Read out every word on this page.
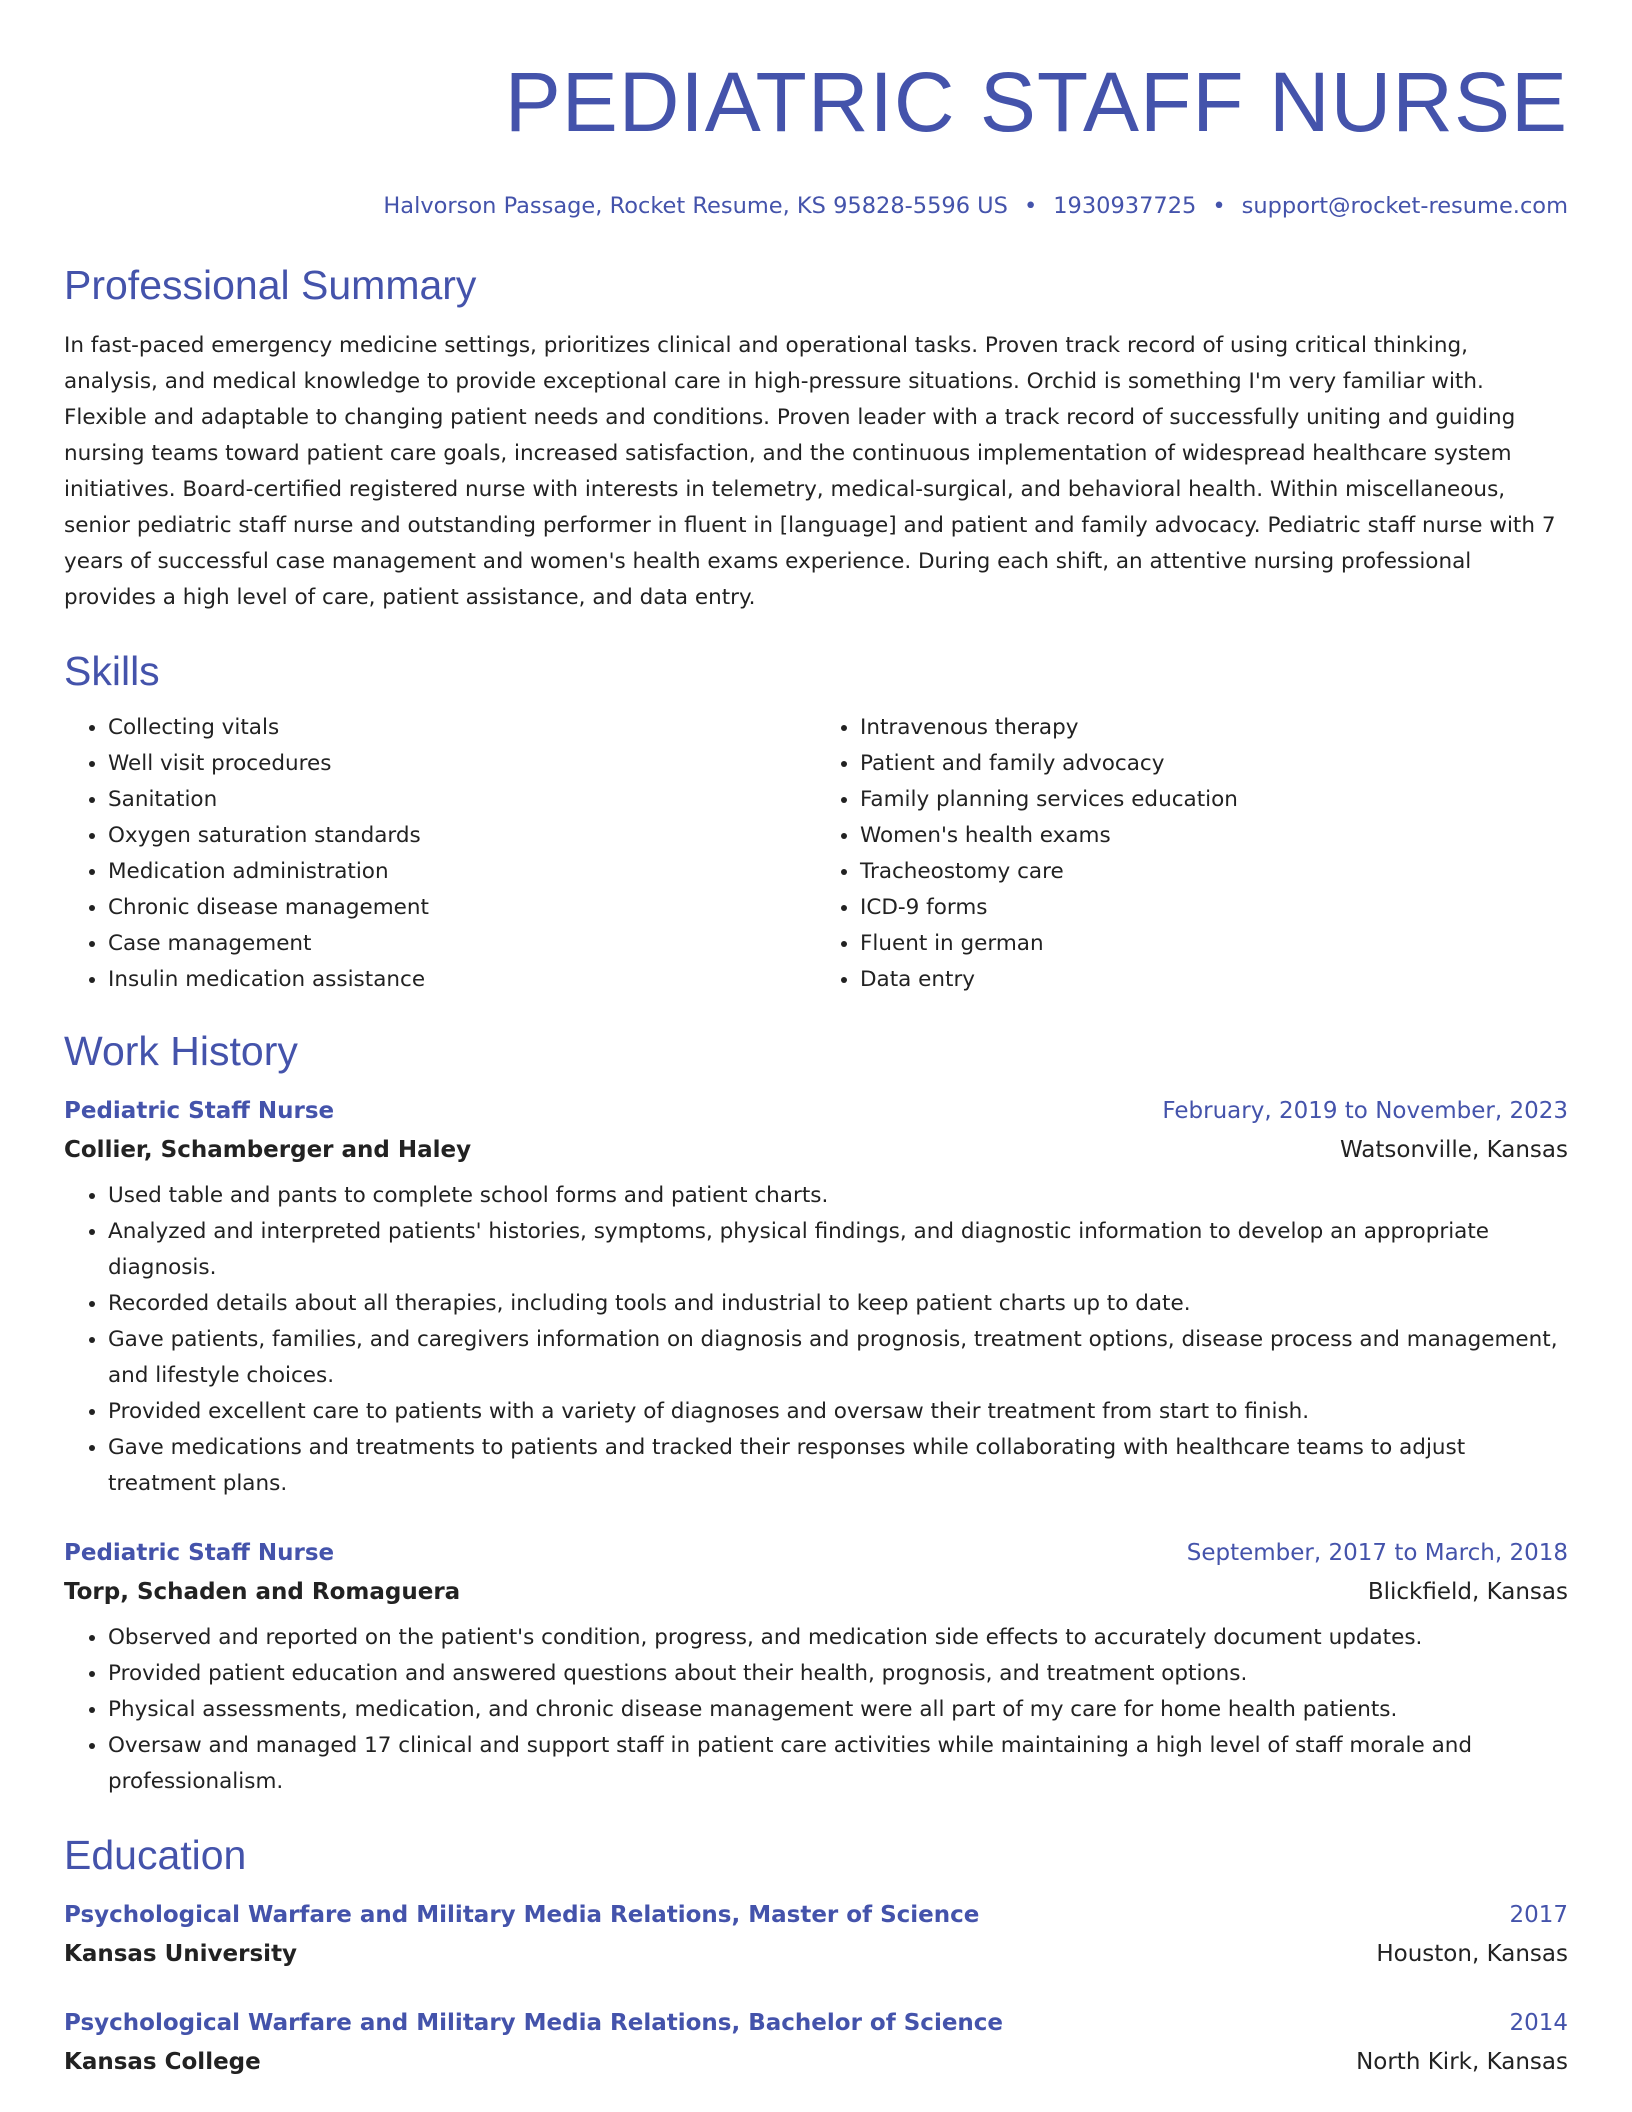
PEDIATRIC STAFF NURSE
Halvorson Passage, Rocket Resume, KS 95828-5596 US • 1930937725 • support@rocket-resume.com
Professional Summary

In fast-paced emergency medicine settings, prioritizes clinical and operational tasks. Proven track record of using critical thinking, analysis, and medical knowledge to provide exceptional care in high-pressure situations. Orchid is something I'm very familiar with. Flexible and adaptable to changing patient needs and conditions. Proven leader with a track record of successfully uniting and guiding nursing teams toward patient care goals, increased satisfaction, and the continuous implementation of widespread healthcare system initiatives. Board-certified registered nurse with interests in telemetry, medical-surgical, and behavioral health. Within miscellaneous, senior pediatric staff nurse and outstanding performer in fluent in [language] and patient and family advocacy. Pediatric staff nurse with 7 years of successful case management and women's health exams experience. During each shift, an attentive nursing professional provides a high level of care, patient assistance, and data entry.

Skills
• Collecting vitals
• Well visit procedures
• Sanitation
• Oxygen saturation standards
• Medication administration
• Chronic disease management
• Case management
• Insulin medication assistance
• Intravenous therapy
• Patient and family advocacy
• Family planning services education
• Women's health exams
• Tracheostomy care
• ICD-9 forms
• Fluent in german
• Data entry
Work History
Pediatric Staff Nurse	February, 2019 to November, 2023
Collier, Schamberger and Haley	Watsonville, Kansas
• Used table and pants to complete school forms and patient charts.
• Analyzed and interpreted patients' histories, symptoms, physical findings, and diagnostic information to develop an appropriate diagnosis.
• Recorded details about all therapies, including tools and industrial to keep patient charts up to date.
• Gave patients, families, and caregivers information on diagnosis and prognosis, treatment options, disease process and management, and lifestyle choices.
• Provided excellent care to patients with a variety of diagnoses and oversaw their treatment from start to finish.
• Gave medications and treatments to patients and tracked their responses while collaborating with healthcare teams to adjust treatment plans.
Pediatric Staff Nurse	September, 2017 to March, 2018
Torp, Schaden and Romaguera	Blickfield, Kansas
• Observed and reported on the patient's condition, progress, and medication side effects to accurately document updates.
• Provided patient education and answered questions about their health, prognosis, and treatment options.
• Physical assessments, medication, and chronic disease management were all part of my care for home health patients.
• Oversaw and managed 17 clinical and support staff in patient care activities while maintaining a high level of staff morale and professionalism.
Education
Psychological Warfare and Military Media Relations, Master of Science	2017
Kansas University	Houston, Kansas
Psychological Warfare and Military Media Relations, Bachelor of Science	2014
Kansas College	North Kirk, Kansas
